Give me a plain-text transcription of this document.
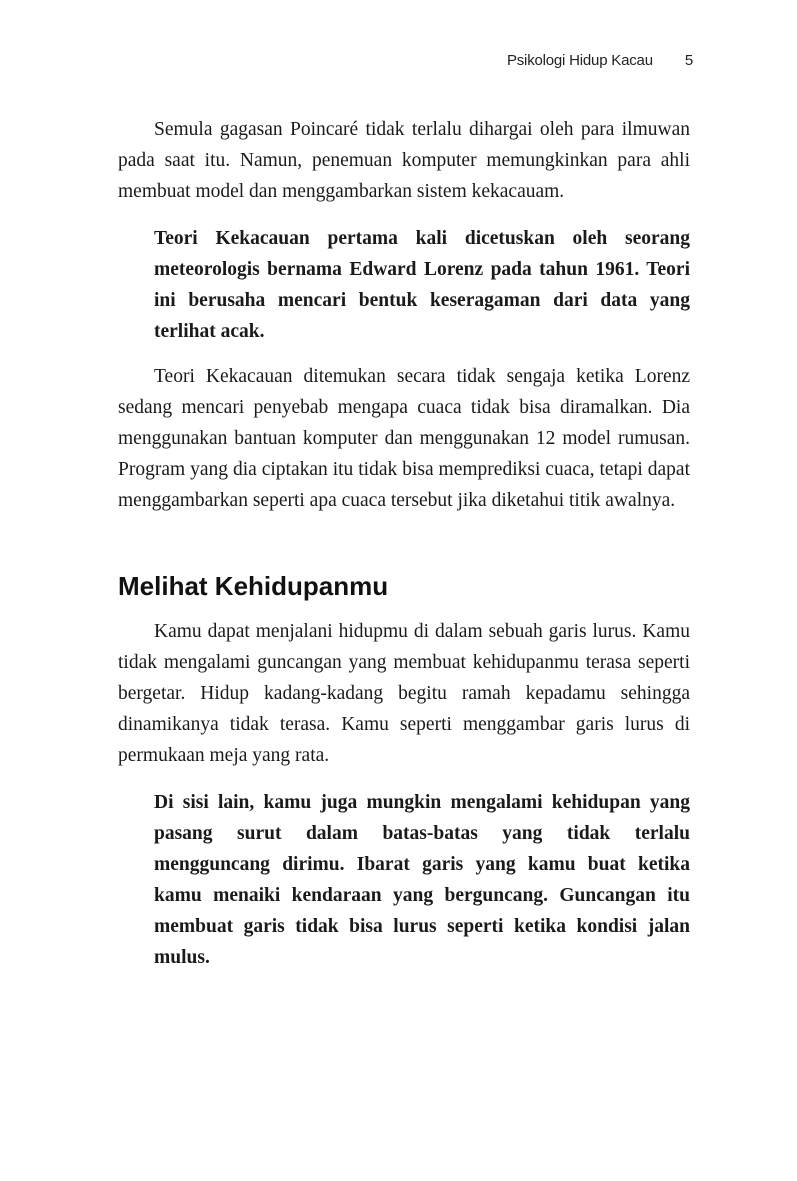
Psikologi Hidup Kacau 5

Semula gagasan Poincaré tidak terlalu dihargai oleh para ilmuwan pada saat itu. Namun, penemuan komputer memungkinkan para ahli membuat model dan menggambarkan sistem kekacauam.

Teori Kekacauan pertama kali dicetuskan oleh seorang meteorologis bernama Edward Lorenz pada tahun 1961. Teori ini berusaha mencari bentuk keseragaman dari data yang terlihat acak.

Teori Kekacauan ditemukan secara tidak sengaja ketika Lorenz sedang mencari penyebab mengapa cuaca tidak bisa diramalkan. Dia menggunakan bantuan komputer dan menggunakan 12 model rumusan. Program yang dia ciptakan itu tidak bisa memprediksi cuaca, tetapi dapat menggambarkan seperti apa cuaca tersebut jika diketahui titik awalnya.

Melihat Kehidupanmu

Kamu dapat menjalani hidupmu di dalam sebuah garis lurus. Kamu tidak mengalami guncangan yang membuat kehidupanmu terasa seperti bergetar. Hidup kadang-kadang begitu ramah kepadamu sehingga dinamikanya tidak terasa. Kamu seperti menggambar garis lurus di permukaan meja yang rata.

Di sisi lain, kamu juga mungkin mengalami kehidupan yang pasang surut dalam batas-batas yang tidak terlalu mengguncang dirimu. Ibarat garis yang kamu buat ketika kamu menaiki kendaraan yang berguncang. Guncangan itu membuat garis tidak bisa lurus seperti ketika kondisi jalan mulus.
